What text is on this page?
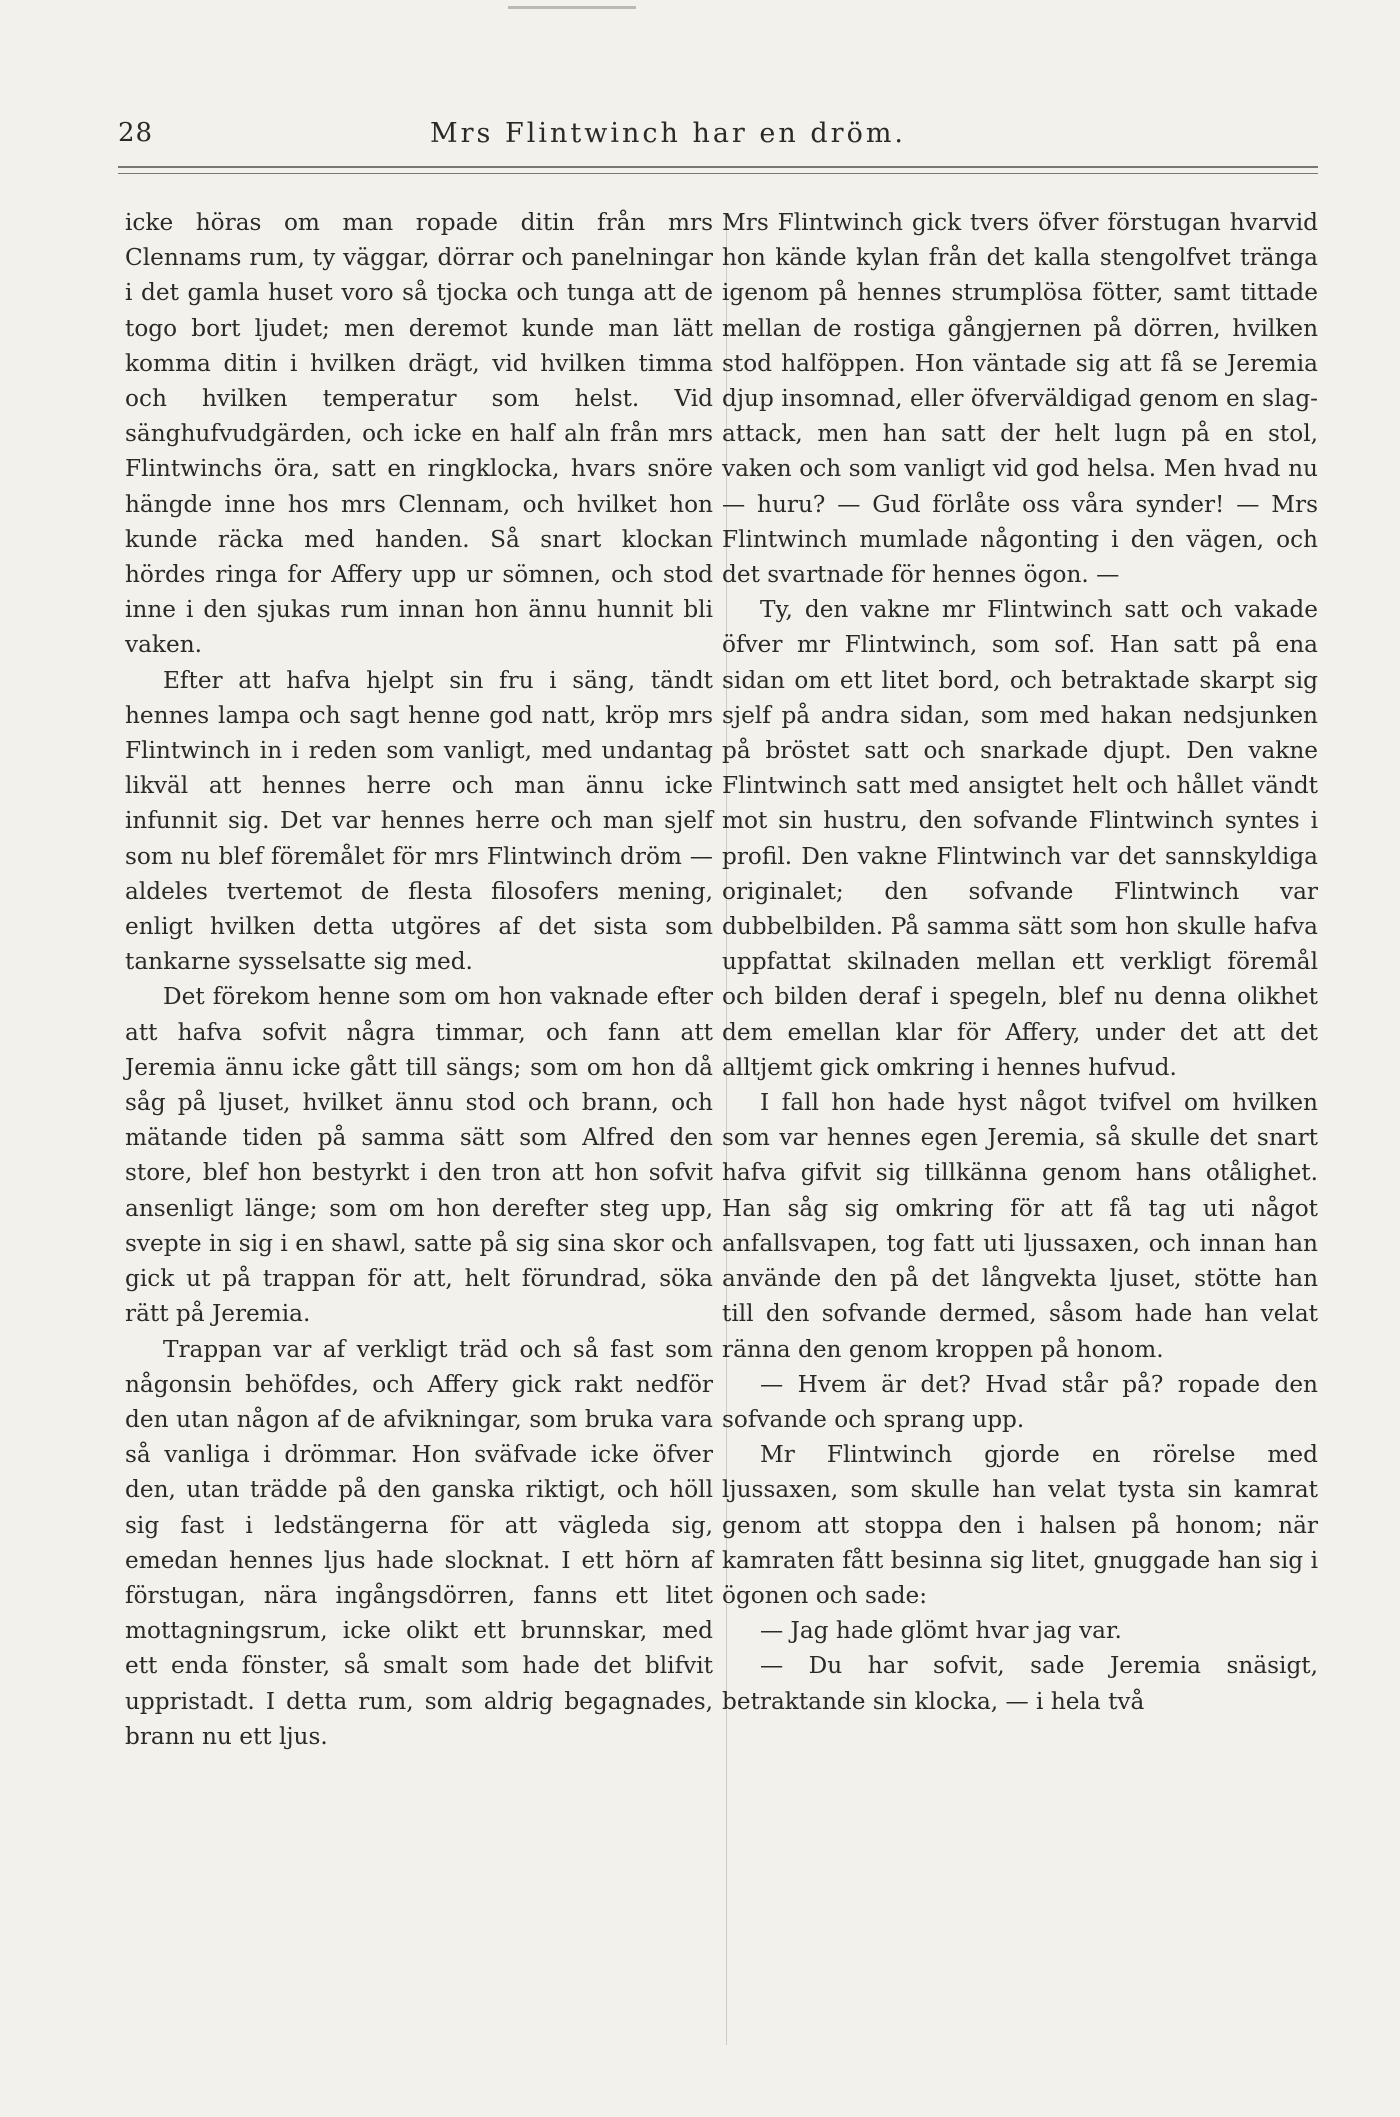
28	Mrs Flintwinch har en dröm.

icke höras om man ropade ditin från mrs Clennams rum, ty väggar, dörrar och panelningar i det gamla huset voro så tjocka och tunga att de togo bort ljudet; men deremot kunde man lätt komma ditin i hvilken drägt, vid hvilken timma och hvilken temperatur som helst. Vid sänghufvudgärden, och icke en half aln från mrs Flintwinchs öra, satt en ringklocka, hvars snöre hängde inne hos mrs Clennam, och hvilket hon kunde räcka med handen. Så snart klockan hördes ringa for Affery upp ur sömnen, och stod inne i den sjukas rum innan hon ännu hunnit bli vaken.

Efter att hafva hjelpt sin fru i säng, tändt hennes lampa och sagt henne god natt, kröp mrs Flintwinch in i reden som vanligt, med undantag likväl att hennes herre och man ännu icke infunnit sig. Det var hennes herre och man sjelf som nu blef föremålet för mrs Flintwinch dröm — aldeles tvertemot de flesta filosofers mening, enligt hvilken detta utgöres af det sista som tankarne sysselsatte sig med.

Det förekom henne som om hon vaknade efter att hafva sofvit några timmar, och fann att Jeremia ännu icke gått till sängs; som om hon då såg på ljuset, hvilket ännu stod och brann, och mätande tiden på samma sätt som Alfred den store, blef hon bestyrkt i den tron att hon sofvit ansenligt länge; som om hon derefter steg upp, svepte in sig i en shawl, satte på sig sina skor och gick ut på trappan för att, helt förundrad, söka rätt på Jeremia.

Trappan var af verkligt träd och så fast som någonsin behöfdes, och Affery gick rakt nedför den utan någon af de afvikningar, som bruka vara så vanliga i drömmar. Hon sväfvade icke öfver den, utan trädde på den ganska riktigt, och höll sig fast i ledstängerna för att vägleda sig, emedan hennes ljus hade slocknat. I ett hörn af förstugan, nära ingångsdörren, fanns ett litet mottagningsrum, icke olikt ett brunnskar, med ett enda fönster, så smalt som hade det blifvit uppristadt. I detta rum, som aldrig begagnades, brann nu ett ljus.

Mrs Flintwinch gick tvers öfver förstugan hvarvid hon kände kylan från det kalla stengolfvet tränga igenom på hennes strumplösa fötter, samt tittade mellan de rostiga gångjernen på dörren, hvilken stod halföppen. Hon väntade sig att få se Jeremia djup insomnad, eller öfverväldigad genom en slag-attack, men han satt der helt lugn på en stol, vaken och som vanligt vid god helsa. Men hvad nu — huru? — Gud förlåte oss våra synder! — Mrs Flintwinch mumlade någonting i den vägen, och det svartnade för hennes ögon. —

Ty, den vakne mr Flintwinch satt och vakade öfver mr Flintwinch, som sof. Han satt på ena sidan om ett litet bord, och betraktade skarpt sig sjelf på andra sidan, som med hakan nedsjunken på bröstet satt och snarkade djupt. Den vakne Flintwinch satt med ansigtet helt och hållet vändt mot sin hustru, den sofvande Flintwinch syntes i profil. Den vakne Flintwinch var det sannskyldiga originalet; den sofvande Flintwinch var dubbelbilden. På samma sätt som hon skulle hafva uppfattat skilnaden mellan ett verkligt föremål och bilden deraf i spegeln, blef nu denna olikhet dem emellan klar för Affery, under det att det alltjemt gick omkring i hennes hufvud.

I fall hon hade hyst något tvifvel om hvilken som var hennes egen Jeremia, så skulle det snart hafva gifvit sig tillkänna genom hans otålighet. Han såg sig omkring för att få tag uti något anfallsvapen, tog fatt uti ljussaxen, och innan han använde den på det långvekta ljuset, stötte han till den sofvande dermed, såsom hade han velat ränna den genom kroppen på honom.

— Hvem är det? Hvad står på? ropade den sofvande och sprang upp.

Mr Flintwinch gjorde en rörelse med ljussaxen, som skulle han velat tysta sin kamrat genom att stoppa den i halsen på honom; när kamraten fått besinna sig litet, gnuggade han sig i ögonen och sade:

— Jag hade glömt hvar jag var.

— Du har sofvit, sade Jeremia snäsigt, betraktande sin klocka, — i hela två
